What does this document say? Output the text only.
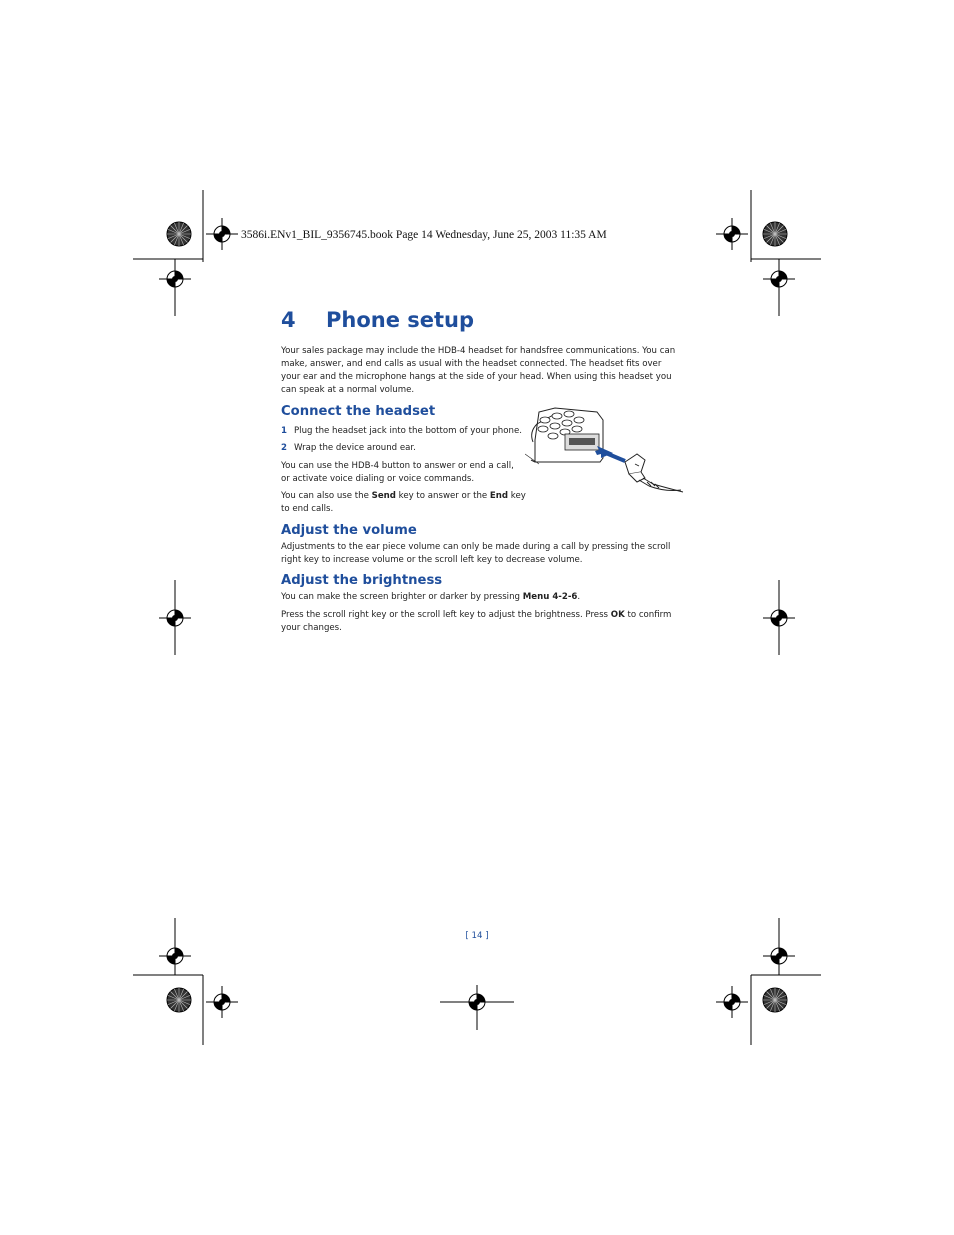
3586i.ENv1_BIL_9356745.book Page 14 Wednesday, June 25, 2003 11:35 AM
4 Phone setup
Your sales package may include the HDB-4 headset for handsfree communications. You can make, answer, and end calls as usual with the headset connected. The headset fits over your ear and the microphone hangs at the side of your head. When using this headset you can speak at a normal volume.
Connect the headset
1 Plug the headset jack into the bottom of your phone.
2 Wrap the device around ear.
You can use the HDB-4 button to answer or end a call, or activate voice dialing or voice commands.
You can also use the Send key to answer or the End key to end calls.
Adjust the volume
Adjustments to the ear piece volume can only be made during a call by pressing the scroll right key to increase volume or the scroll left key to decrease volume.
Adjust the brightness
You can make the screen brighter or darker by pressing Menu 4-2-6.
Press the scroll right key or the scroll left key to adjust the brightness. Press OK to confirm your changes.
[ 14 ]
